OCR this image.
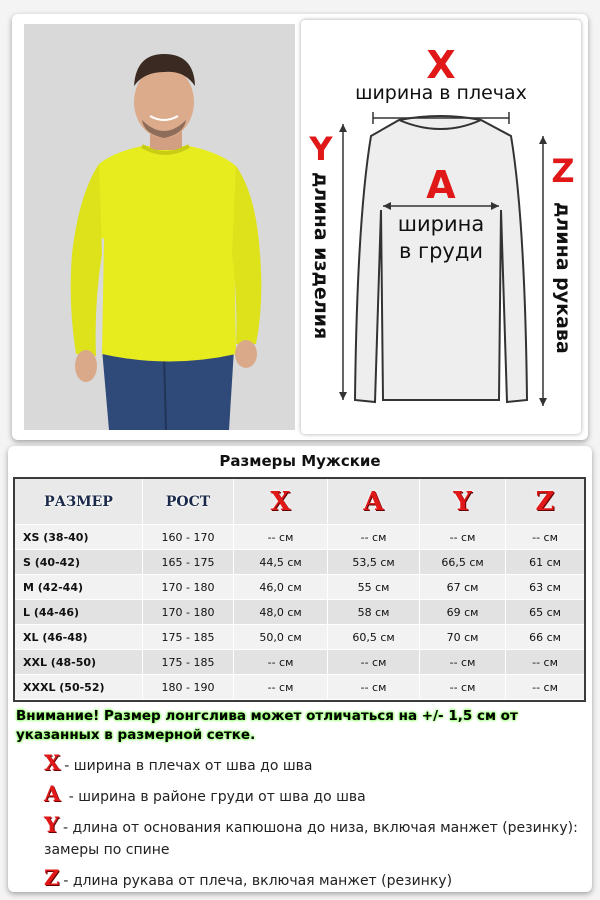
X
ширина в плечах
A
ширина
в груди
Y
длина изделия
Z
длина рукава
Размеры Мужские
РАЗМЕР	РОСТ	X	A	Y	Z
XS (38-40)	160 - 170	-- см	-- см	-- см	-- см
S (40-42)	165 - 175	44,5 см	53,5 см	66,5 см	61 см
M (42-44)	170 - 180	46,0 см	55 см	67 см	63 см
L (44-46)	170 - 180	48,0 см	58 см	69 см	65 см
XL (46-48)	175 - 185	50,0 см	60,5 см	70 см	66 см
XXL (48-50)	175 - 185	-- см	-- см	-- см	-- см
XXXL (50-52)	180 - 190	-- см	-- см	-- см	-- см
Внимание! Размер лонгслива может отличаться на +/- 1,5 см от указанных в размерной сетке.
X - ширина в плечах от шва до шва
A - ширина в районе груди от шва до шва
Y - длина от основания капюшона до низа, включая манжет (резинку): замеры по спине
Z - длина рукава от плеча, включая манжет (резинку)
